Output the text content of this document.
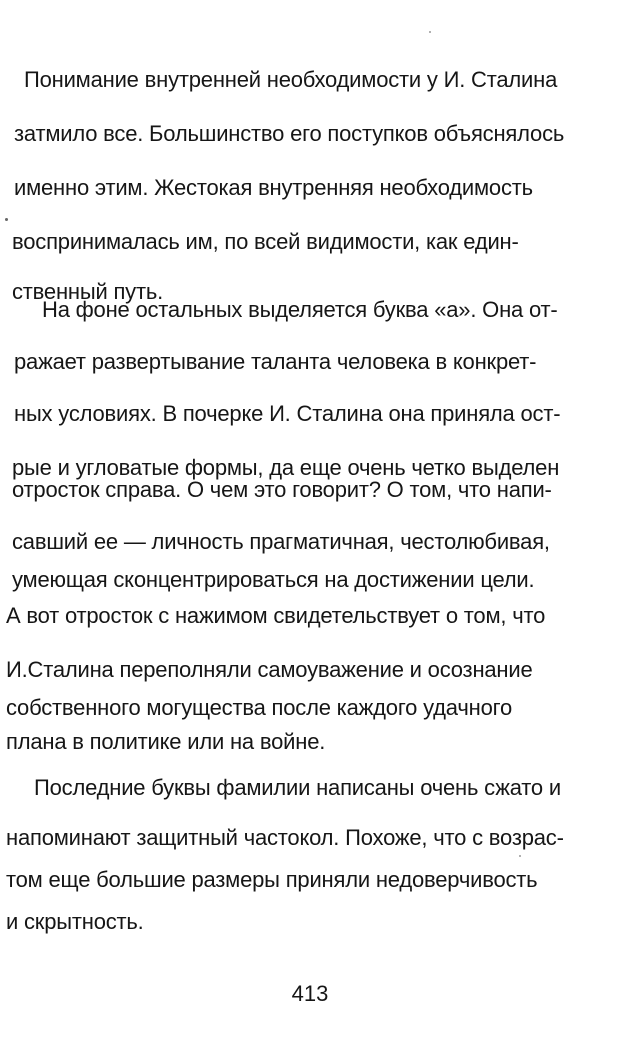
Понимание внутренней необходимости у И. Сталина
затмило все. Большинство его поступков объяснялось
именно этим. Жестокая внутренняя необходимость
воспринималась им, по всей видимости, как един-
ственный путь.
На фоне остальных выделяется буква «а». Она от-
ражает развертывание таланта человека в конкрет-
ных условиях. В почерке И. Сталина она приняла ост-
рые и угловатые формы, да еще очень четко выделен
отросток справа. О чем это говорит? О том, что напи-
савший ее — личность прагматичная, честолюбивая,
умеющая сконцентрироваться на достижении цели.
А вот отросток с нажимом свидетельствует о том, что
И.Сталина переполняли самоуважение и осознание
собственного могущества после каждого удачного
плана в политике или на войне.
Последние буквы фамилии написаны очень сжато и
напоминают защитный частокол. Похоже, что с возрас-
том еще большие размеры приняли недоверчивость
и скрытность.
413
